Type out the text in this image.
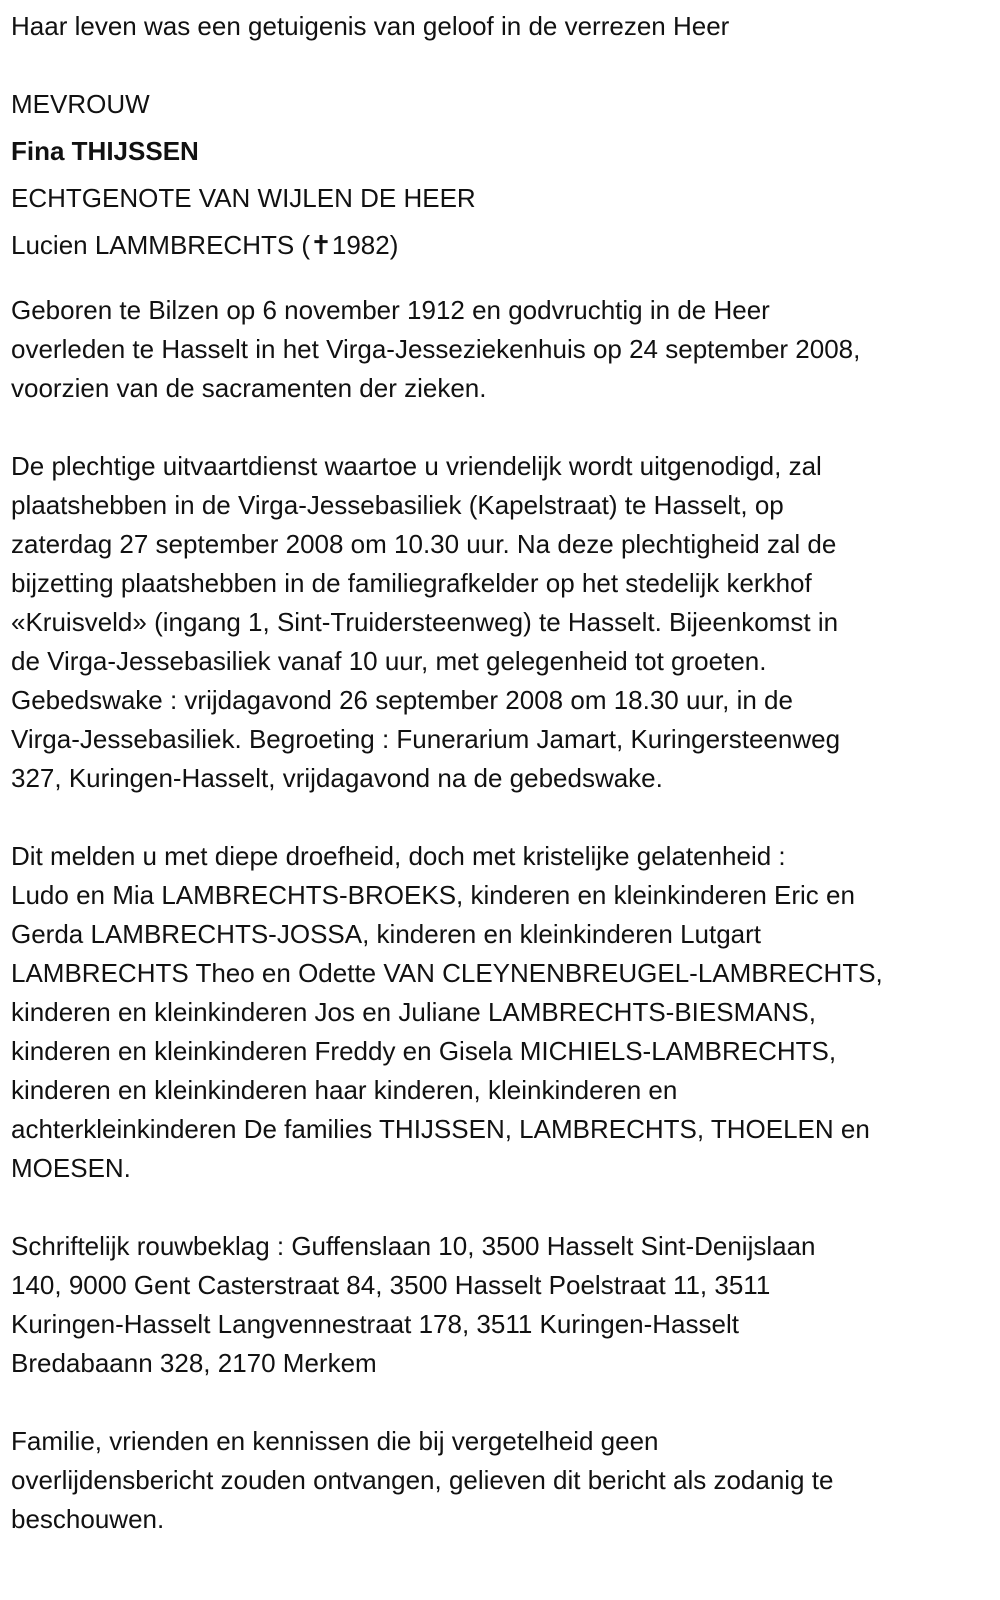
Haar leven was een getuigenis van geloof in de verrezen Heer
MEVROUW
Fina THIJSSEN
ECHTGENOTE VAN WIJLEN DE HEER
Lucien LAMMBRECHTS (✝1982)
Geboren te Bilzen op 6 november 1912 en godvruchtig in de Heer
overleden te Hasselt in het Virga-Jesseziekenhuis op 24 september 2008,
voorzien van de sacramenten der zieken.
De plechtige uitvaartdienst waartoe u vriendelijk wordt uitgenodigd, zal
plaatshebben in de Virga-Jessebasiliek (Kapelstraat) te Hasselt, op
zaterdag 27 september 2008 om 10.30 uur. Na deze plechtigheid zal de
bijzetting plaatshebben in de familiegrafkelder op het stedelijk kerkhof
«Kruisveld» (ingang 1, Sint-Truidersteenweg) te Hasselt. Bijeenkomst in
de Virga-Jessebasiliek vanaf 10 uur, met gelegenheid tot groeten.
Gebedswake : vrijdagavond 26 september 2008 om 18.30 uur, in de
Virga-Jessebasiliek. Begroeting : Funerarium Jamart, Kuringersteenweg
327, Kuringen-Hasselt, vrijdagavond na de gebedswake.
Dit melden u met diepe droefheid, doch met kristelijke gelatenheid :
Ludo en Mia LAMBRECHTS-BROEKS, kinderen en kleinkinderen Eric en
Gerda LAMBRECHTS-JOSSA, kinderen en kleinkinderen Lutgart
LAMBRECHTS Theo en Odette VAN CLEYNENBREUGEL-LAMBRECHTS,
kinderen en kleinkinderen Jos en Juliane LAMBRECHTS-BIESMANS,
kinderen en kleinkinderen Freddy en Gisela MICHIELS-LAMBRECHTS,
kinderen en kleinkinderen haar kinderen, kleinkinderen en
achterkleinkinderen De families THIJSSEN, LAMBRECHTS, THOELEN en
MOESEN.
Schriftelijk rouwbeklag : Guffenslaan 10, 3500 Hasselt Sint-Denijslaan
140, 9000 Gent Casterstraat 84, 3500 Hasselt Poelstraat 11, 3511
Kuringen-Hasselt Langvennestraat 178, 3511 Kuringen-Hasselt
Bredabaann 328, 2170 Merkem
Familie, vrienden en kennissen die bij vergetelheid geen
overlijdensbericht zouden ontvangen, gelieven dit bericht als zodanig te
beschouwen.
